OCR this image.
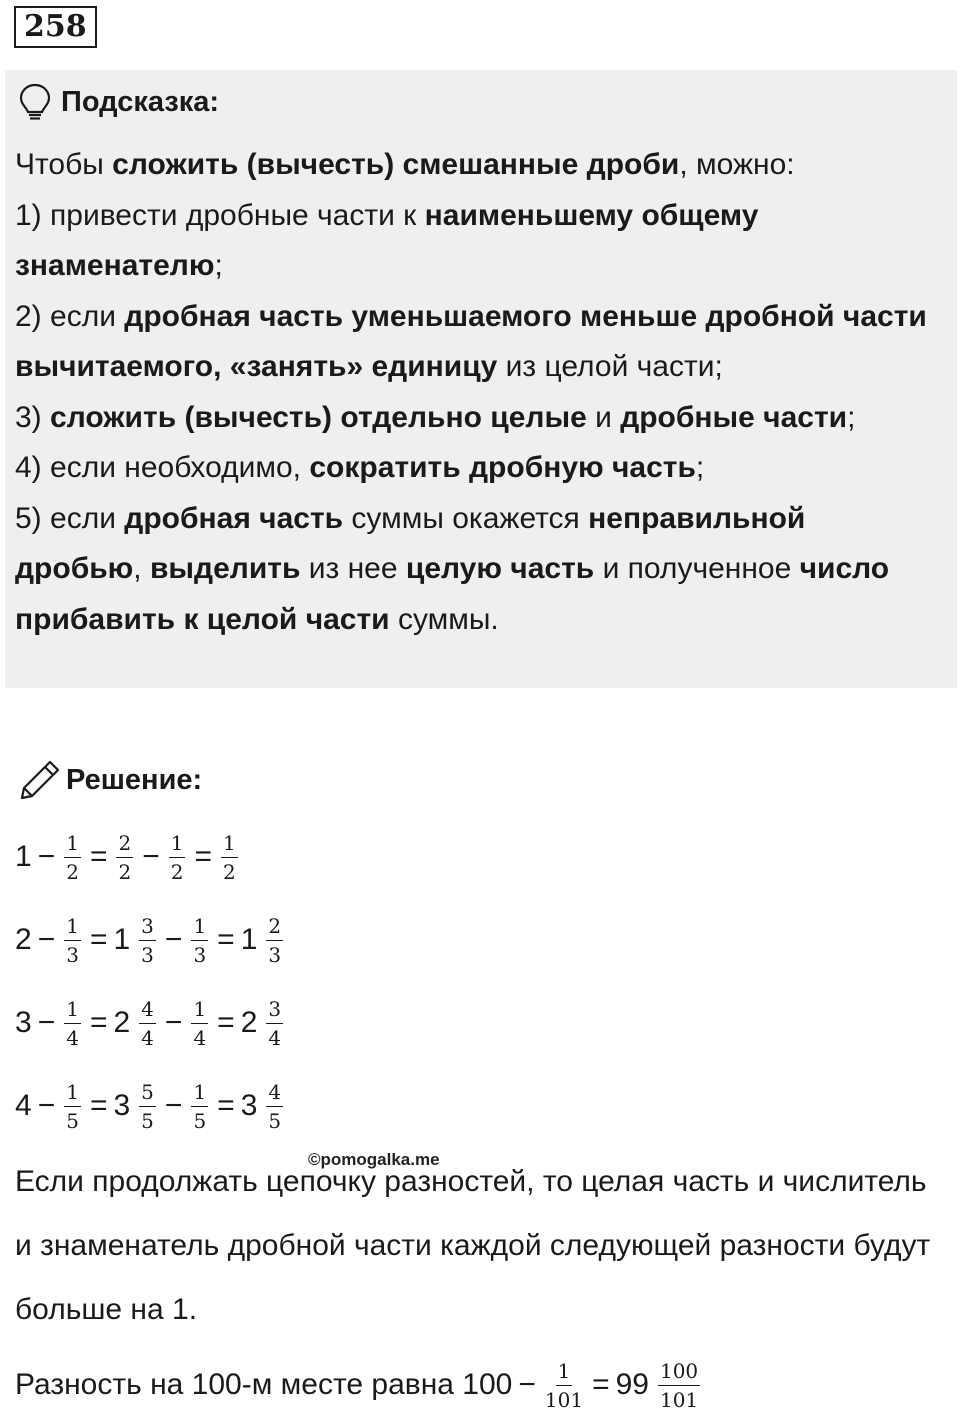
258
Подсказка:

Чтобы сложить (вычесть) смешанные дроби, можно:

1) привести дробные части к наименьшему общему знаменателю;

2) если дробная часть уменьшаемого меньше дробной части вычитаемого, «занять» единицу из целой части;

3) сложить (вычесть) отдельно целые и дробные части;

4) если необходимо, сократить дробную часть;

5) если дробная часть суммы окажется неправильной дробью, выделить из нее целую часть и полученное число прибавить к целой части суммы.

Решение:
$1 - \frac{1}{2} = \frac{2}{2} - \frac{1}{2} = \frac{1}{2}$
$2 - \frac{1}{3} = 1 \frac{3}{3} - \frac{1}{3} = 1 \frac{2}{3}$
$3 - \frac{1}{4} = 2 \frac{4}{4} - \frac{1}{4} = 2 \frac{3}{4}$
$4 - \frac{1}{5} = 3 \frac{5}{5} - \frac{1}{5} = 3 \frac{4}{5}$
©pomogalka.me

Если продолжать цепочку разностей, то целая часть и числитель и знаменатель дробной части каждой следующей разности будут больше на 1.

Разность на 100-м месте равна $100 - \frac{1}{101} = 99 \frac{100}{101}$
